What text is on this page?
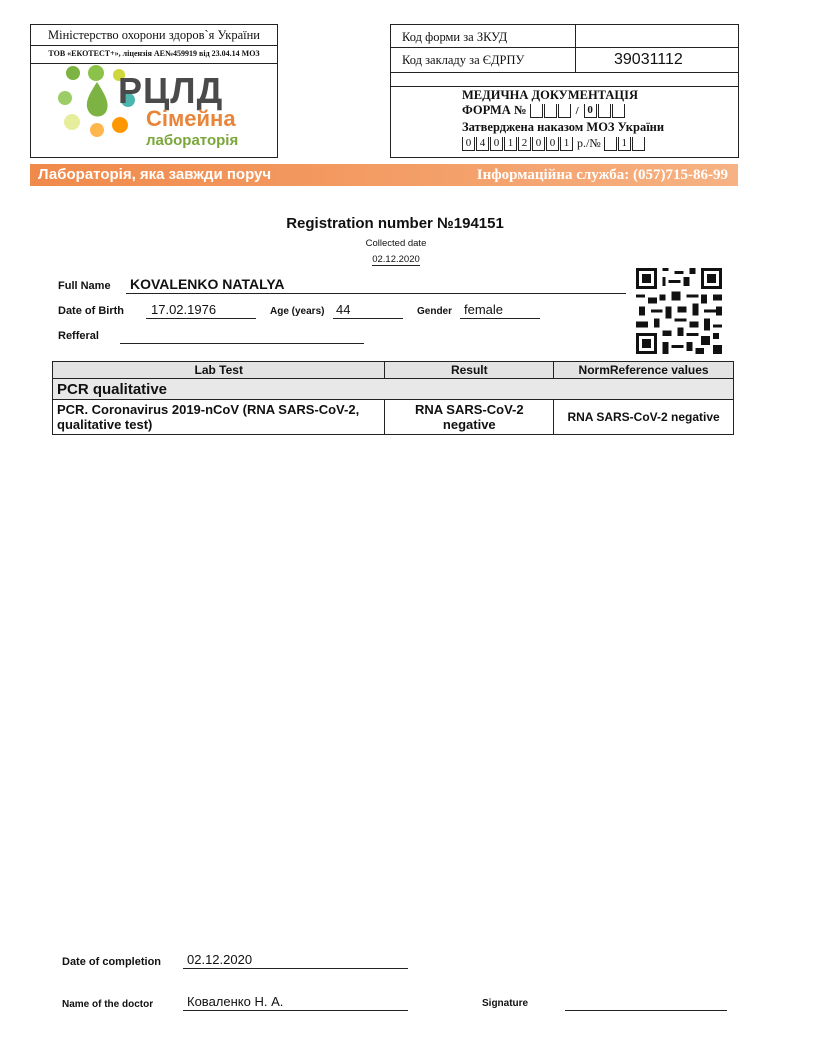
Міністерство охорони здоров`я України
ТОВ «ЕКОТЕСТ+», ліцензія АЕ№459919 від 23.04.14 МОЗ
РЦЛД
Сімейна
лабораторія
Код форми за ЗКУД
Код закладу за ЄДРПУ	39031112
МЕДИЧНА ДОКУМЕНТАЦІЯ
ФОРМА №	/ 0
Затверджена наказом МОЗ України
0 4 0 1 2 0 0 1 р./№ 1
Лабораторія, яка завжди поруч	Інформаційна служба: (057)715-86-99
Registration number №194151
Collected date
02.12.2020
Full Name KOVALENKO NATALYA
Date of Birth 17.02.1976	Age (years) 44	Gender female
Refferal
Lab Test	Result	NormReference values
PCR qualitative		
PCR. Coronavirus 2019-nCoV (RNA SARS-CoV-2, qualitative test)	RNA SARS-CoV-2 negative	RNA SARS-CoV-2 negative
Date of completion 02.12.2020
Name of the doctor	Коваленко Н. А.	Signature
